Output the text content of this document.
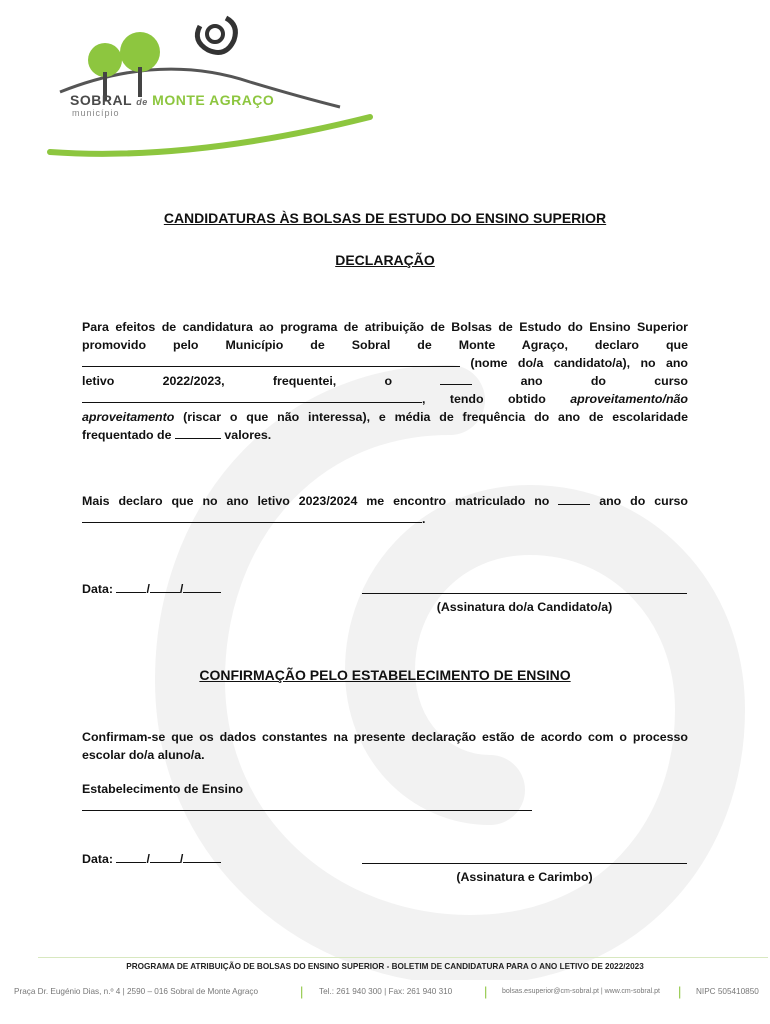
SOBRAL de MONTE AGRAÇO
município
CANDIDATURAS ÀS BOLSAS DE ESTUDO DO ENSINO SUPERIOR
DECLARAÇÃO

Para efeitos de candidatura ao programa de atribuição de Bolsas de Estudo do Ensino Superior promovido pelo Município de Sobral de Monte Agraço, declaro que  (nome do/a candidato/a), no ano letivo 2022/2023, frequentei, o	ano do curso , tendo obtido aproveitamento/não aproveitamento (riscar o que não interessa), e média de frequência do ano de escolaridade frequentado de	valores.

Mais declaro que no ano letivo 2023/2024 me encontro matriculado no	ano do curso.

Data:	/ /
(Assinatura do/a Candidato/a)
CONFIRMAÇÃO PELO ESTABELECIMENTO DE ENSINO

Confirmam-se que os dados constantes na presente declaração estão de acordo com o processo escolar do/a aluno/a.

Estabelecimento de Ensino

Data:	/ /
(Assinatura e Carimbo)
PROGRAMA DE ATRIBUIÇÃO DE BOLSAS DO ENSINO SUPERIOR - BOLETIM DE CANDIDATURA PARA O ANO LETIVO DE 2022/2023
Praça Dr. Eugénio Dias, n.º 4 | 2590 – 016 Sobral de Monte Agraço	| Tel.: 261 940 300 | Fax: 261 940 310 | bolsas.esuperior@cm-sobral.pt | www.cm-sobral.pt | NIPC 505410850
